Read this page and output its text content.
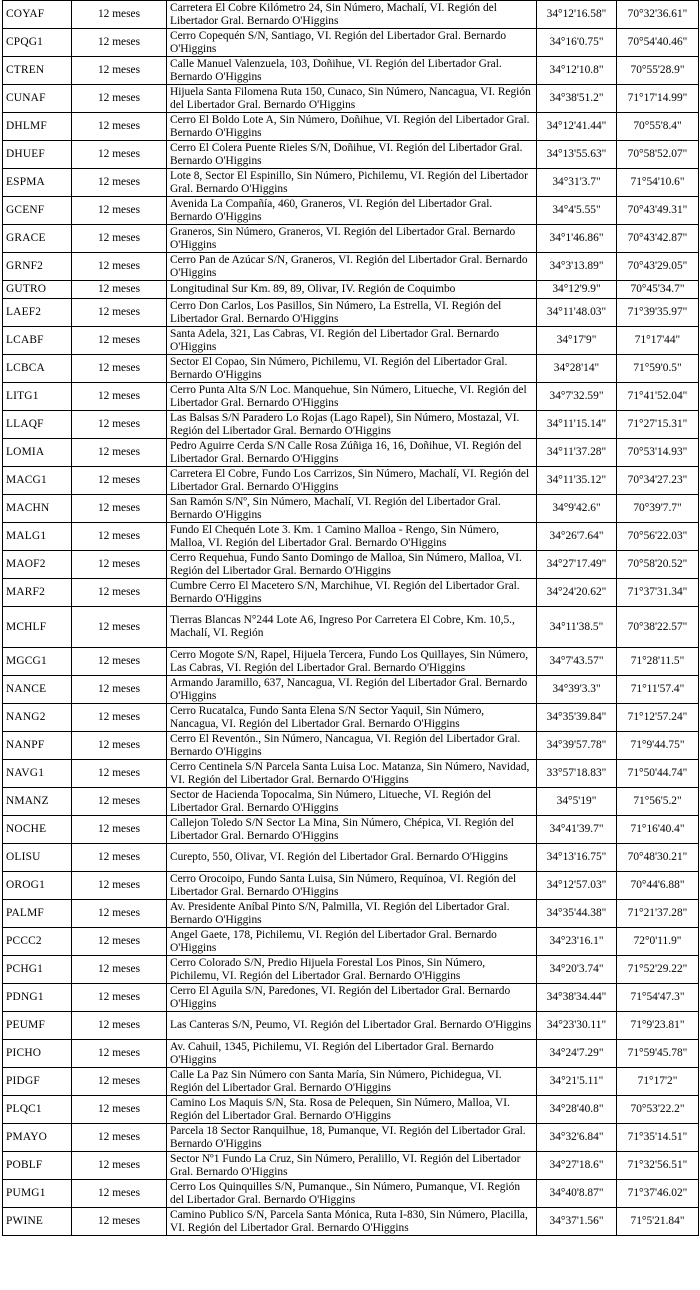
COYAF	12 meses	Carretera El Cobre Kilómetro 24, Sin Número, Machalí, VI. Región del Libertador Gral. Bernardo O'Higgins	34°12'16.58"	70°32'36.61"
CPQG1	12 meses	Cerro Copequén S/N, Santiago, VI. Región del Libertador Gral. Bernardo O'Higgins	34°16'0.75"	70°54'40.46"
CTREN	12 meses	Calle Manuel Valenzuela, 103, Doñihue, VI. Región del Libertador Gral. Bernardo O'Higgins	34°12'10.8"	70°55'28.9"
CUNAF	12 meses	Hijuela Santa Filomena Ruta 150, Cunaco, Sin Número, Nancagua, VI. Región del Libertador Gral. Bernardo O'Higgins	34°38'51.2"	71°17'14.99"
DHLMF	12 meses	Cerro El Boldo Lote A, Sin Número, Doñihue, VI. Región del Libertador Gral. Bernardo O'Higgins	34°12'41.44"	70°55'8.4"
DHUEF	12 meses	Cerro El Colera Puente Rieles S/N, Doñihue, VI. Región del Libertador Gral. Bernardo O'Higgins	34°13'55.63"	70°58'52.07"
ESPMA	12 meses	Lote 8, Sector El Espinillo, Sin Número, Pichilemu, VI. Región del Libertador Gral. Bernardo O'Higgins	34°31'3.7"	71°54'10.6"
GCENF	12 meses	Avenida La Compañía, 460, Graneros, VI. Región del Libertador Gral. Bernardo O'Higgins	34°4'5.55"	70°43'49.31"
GRACE	12 meses	Graneros, Sin Número, Graneros, VI. Región del Libertador Gral. Bernardo O'Higgins	34°1'46.86"	70°43'42.87"
GRNF2	12 meses	Cerro Pan de Azúcar S/N, Graneros, VI. Región del Libertador Gral. Bernardo O'Higgins	34°3'13.89"	70°43'29.05"
GUTRO	12 meses	Longitudinal Sur Km. 89, 89, Olivar, IV. Región de Coquimbo	34°12'9.9"	70°45'34.7"
LAEF2	12 meses	Cerro Don Carlos, Los Pasillos, Sin Número, La Estrella, VI. Región del Libertador Gral. Bernardo O'Higgins	34°11'48.03"	71°39'35.97"
LCABF	12 meses	Santa Adela, 321, Las Cabras, VI. Región del Libertador Gral. Bernardo O'Higgins	34°17'9"	71°17'44"
LCBCA	12 meses	Sector El Copao, Sin Número, Pichilemu, VI. Región del Libertador Gral. Bernardo O'Higgins	34°28'14"	71°59'0.5"
LITG1	12 meses	Cerro Punta Alta S/N Loc. Manquehue, Sin Número, Litueche, VI. Región del Libertador Gral. Bernardo O'Higgins	34°7'32.59"	71°41'52.04"
LLAQF	12 meses	Las Balsas S/N Paradero Lo Rojas (Lago Rapel), Sin Número, Mostazal, VI. Región del Libertador Gral. Bernardo O'Higgins	34°11'15.14"	71°27'15.31"
LOMIA	12 meses	Pedro Aguirre Cerda S/N Calle Rosa Zúñiga 16, 16, Doñihue, VI. Región del Libertador Gral. Bernardo O'Higgins	34°11'37.28"	70°53'14.93"
MACG1	12 meses	Carretera El Cobre, Fundo Los Carrizos, Sin Número, Machalí, VI. Región del Libertador Gral. Bernardo O'Higgins	34°11'35.12"	70°34'27.23"
MACHN	12 meses	San Ramón S/Nº, Sin Número, Machalí, VI. Región del Libertador Gral. Bernardo O'Higgins	34°9'42.6"	70°39'7.7"
MALG1	12 meses	Fundo El Chequén Lote 3. Km. 1 Camino Malloa - Rengo, Sin Número, Malloa, VI. Región del Libertador Gral. Bernardo O'Higgins	34°26'7.64"	70°56'22.03"
MAOF2	12 meses	Cerro Requehua, Fundo Santo Domingo de Malloa, Sin Número, Malloa, VI. Región del Libertador Gral. Bernardo O'Higgins	34°27'17.49"	70°58'20.52"
MARF2	12 meses	Cumbre Cerro El Macetero S/N, Marchihue, VI. Región del Libertador Gral. Bernardo O'Higgins	34°24'20.62"	71°37'31.34"
MCHLF	12 meses	Tierras Blancas N°244 Lote A6, Ingreso Por Carretera El Cobre, Km. 10,5., Machalí, VI. Región	34°11'38.5"	70°38'22.57"
MGCG1	12 meses	Cerro Mogote S/N, Rapel, Hijuela Tercera, Fundo Los Quillayes, Sin Número, Las Cabras, VI. Región del Libertador Gral. Bernardo O'Higgins	34°7'43.57"	71°28'11.5"
NANCE	12 meses	Armando Jaramillo, 637, Nancagua, VI. Región del Libertador Gral. Bernardo O'Higgins	34°39'3.3"	71°11'57.4"
NANG2	12 meses	Cerro Rucatalca, Fundo Santa Elena S/N Sector Yaquil, Sin Número, Nancagua, VI. Región del Libertador Gral. Bernardo O'Higgins	34°35'39.84"	71°12'57.24"
NANPF	12 meses	Cerro El Reventón., Sin Número, Nancagua, VI. Región del Libertador Gral. Bernardo O'Higgins	34°39'57.78"	71°9'44.75"
NAVG1	12 meses	Cerro Centinela S/N Parcela Santa Luisa Loc. Matanza, Sin Número, Navidad, VI. Región del Libertador Gral. Bernardo O'Higgins	33°57'18.83"	71°50'44.74"
NMANZ	12 meses	Sector de Hacienda Topocalma, Sin Número, Litueche, VI. Región del Libertador Gral. Bernardo O'Higgins	34°5'19"	71°56'5.2"
NOCHE	12 meses	Callejon Toledo S/N Sector La Mina, Sin Número, Chépica, VI. Región del Libertador Gral. Bernardo O'Higgins	34°41'39.7"	71°16'40.4"
OLISU	12 meses	Curepto, 550, Olivar, VI. Región del Libertador Gral. Bernardo O'Higgins	34°13'16.75"	70°48'30.21"
OROG1	12 meses	Cerro Orocoipo, Fundo Santa Luisa, Sin Número, Requínoa, VI. Región del Libertador Gral. Bernardo O'Higgins	34°12'57.03"	70°44'6.88"
PALMF	12 meses	Av. Presidente Aníbal Pinto S/N, Palmilla, VI. Región del Libertador Gral. Bernardo O'Higgins	34°35'44.38"	71°21'37.28"
PCCC2	12 meses	Angel Gaete, 178, Pichilemu, VI. Región del Libertador Gral. Bernardo O'Higgins	34°23'16.1"	72°0'11.9"
PCHG1	12 meses	Cerro Colorado S/N, Predio Hijuela Forestal Los Pinos, Sin Número, Pichilemu, VI. Región del Libertador Gral. Bernardo O'Higgins	34°20'3.74"	71°52'29.22"
PDNG1	12 meses	Cerro El Aguila S/N, Paredones, VI. Región del Libertador Gral. Bernardo O'Higgins	34°38'34.44"	71°54'47.3"
PEUMF	12 meses	Las Canteras S/N, Peumo, VI. Región del Libertador Gral. Bernardo O'Higgins	34°23'30.11"	71°9'23.81"
PICHO	12 meses	Av. Cahuil, 1345, Pichilemu, VI. Región del Libertador Gral. Bernardo O'Higgins	34°24'7.29"	71°59'45.78"
PIDGF	12 meses	Calle La Paz Sin Número con Santa María, Sin Número, Pichidegua, VI. Región del Libertador Gral. Bernardo O'Higgins	34°21'5.11"	71°17'2"
PLQC1	12 meses	Camino Los Maquis S/N, Sta. Rosa de Pelequen, Sin Número, Malloa, VI. Región del Libertador Gral. Bernardo O'Higgins	34°28'40.8"	70°53'22.2"
PMAYO	12 meses	Parcela 18 Sector Ranquilhue, 18, Pumanque, VI. Región del Libertador Gral. Bernardo O'Higgins	34°32'6.84"	71°35'14.51"
POBLF	12 meses	Sector Nº1 Fundo La Cruz, Sin Número, Peralillo, VI. Región del Libertador Gral. Bernardo O'Higgins	34°27'18.6"	71°32'56.51"
PUMG1	12 meses	Cerro Los Quinquilles S/N, Pumanque., Sin Número, Pumanque, VI. Región del Libertador Gral. Bernardo O'Higgins	34°40'8.87"	71°37'46.02"
PWINE	12 meses	Camino Publico S/N, Parcela Santa Mónica, Ruta I-830, Sin Número, Placilla, VI. Región del Libertador Gral. Bernardo O'Higgins	34°37'1.56"	71°5'21.84"
